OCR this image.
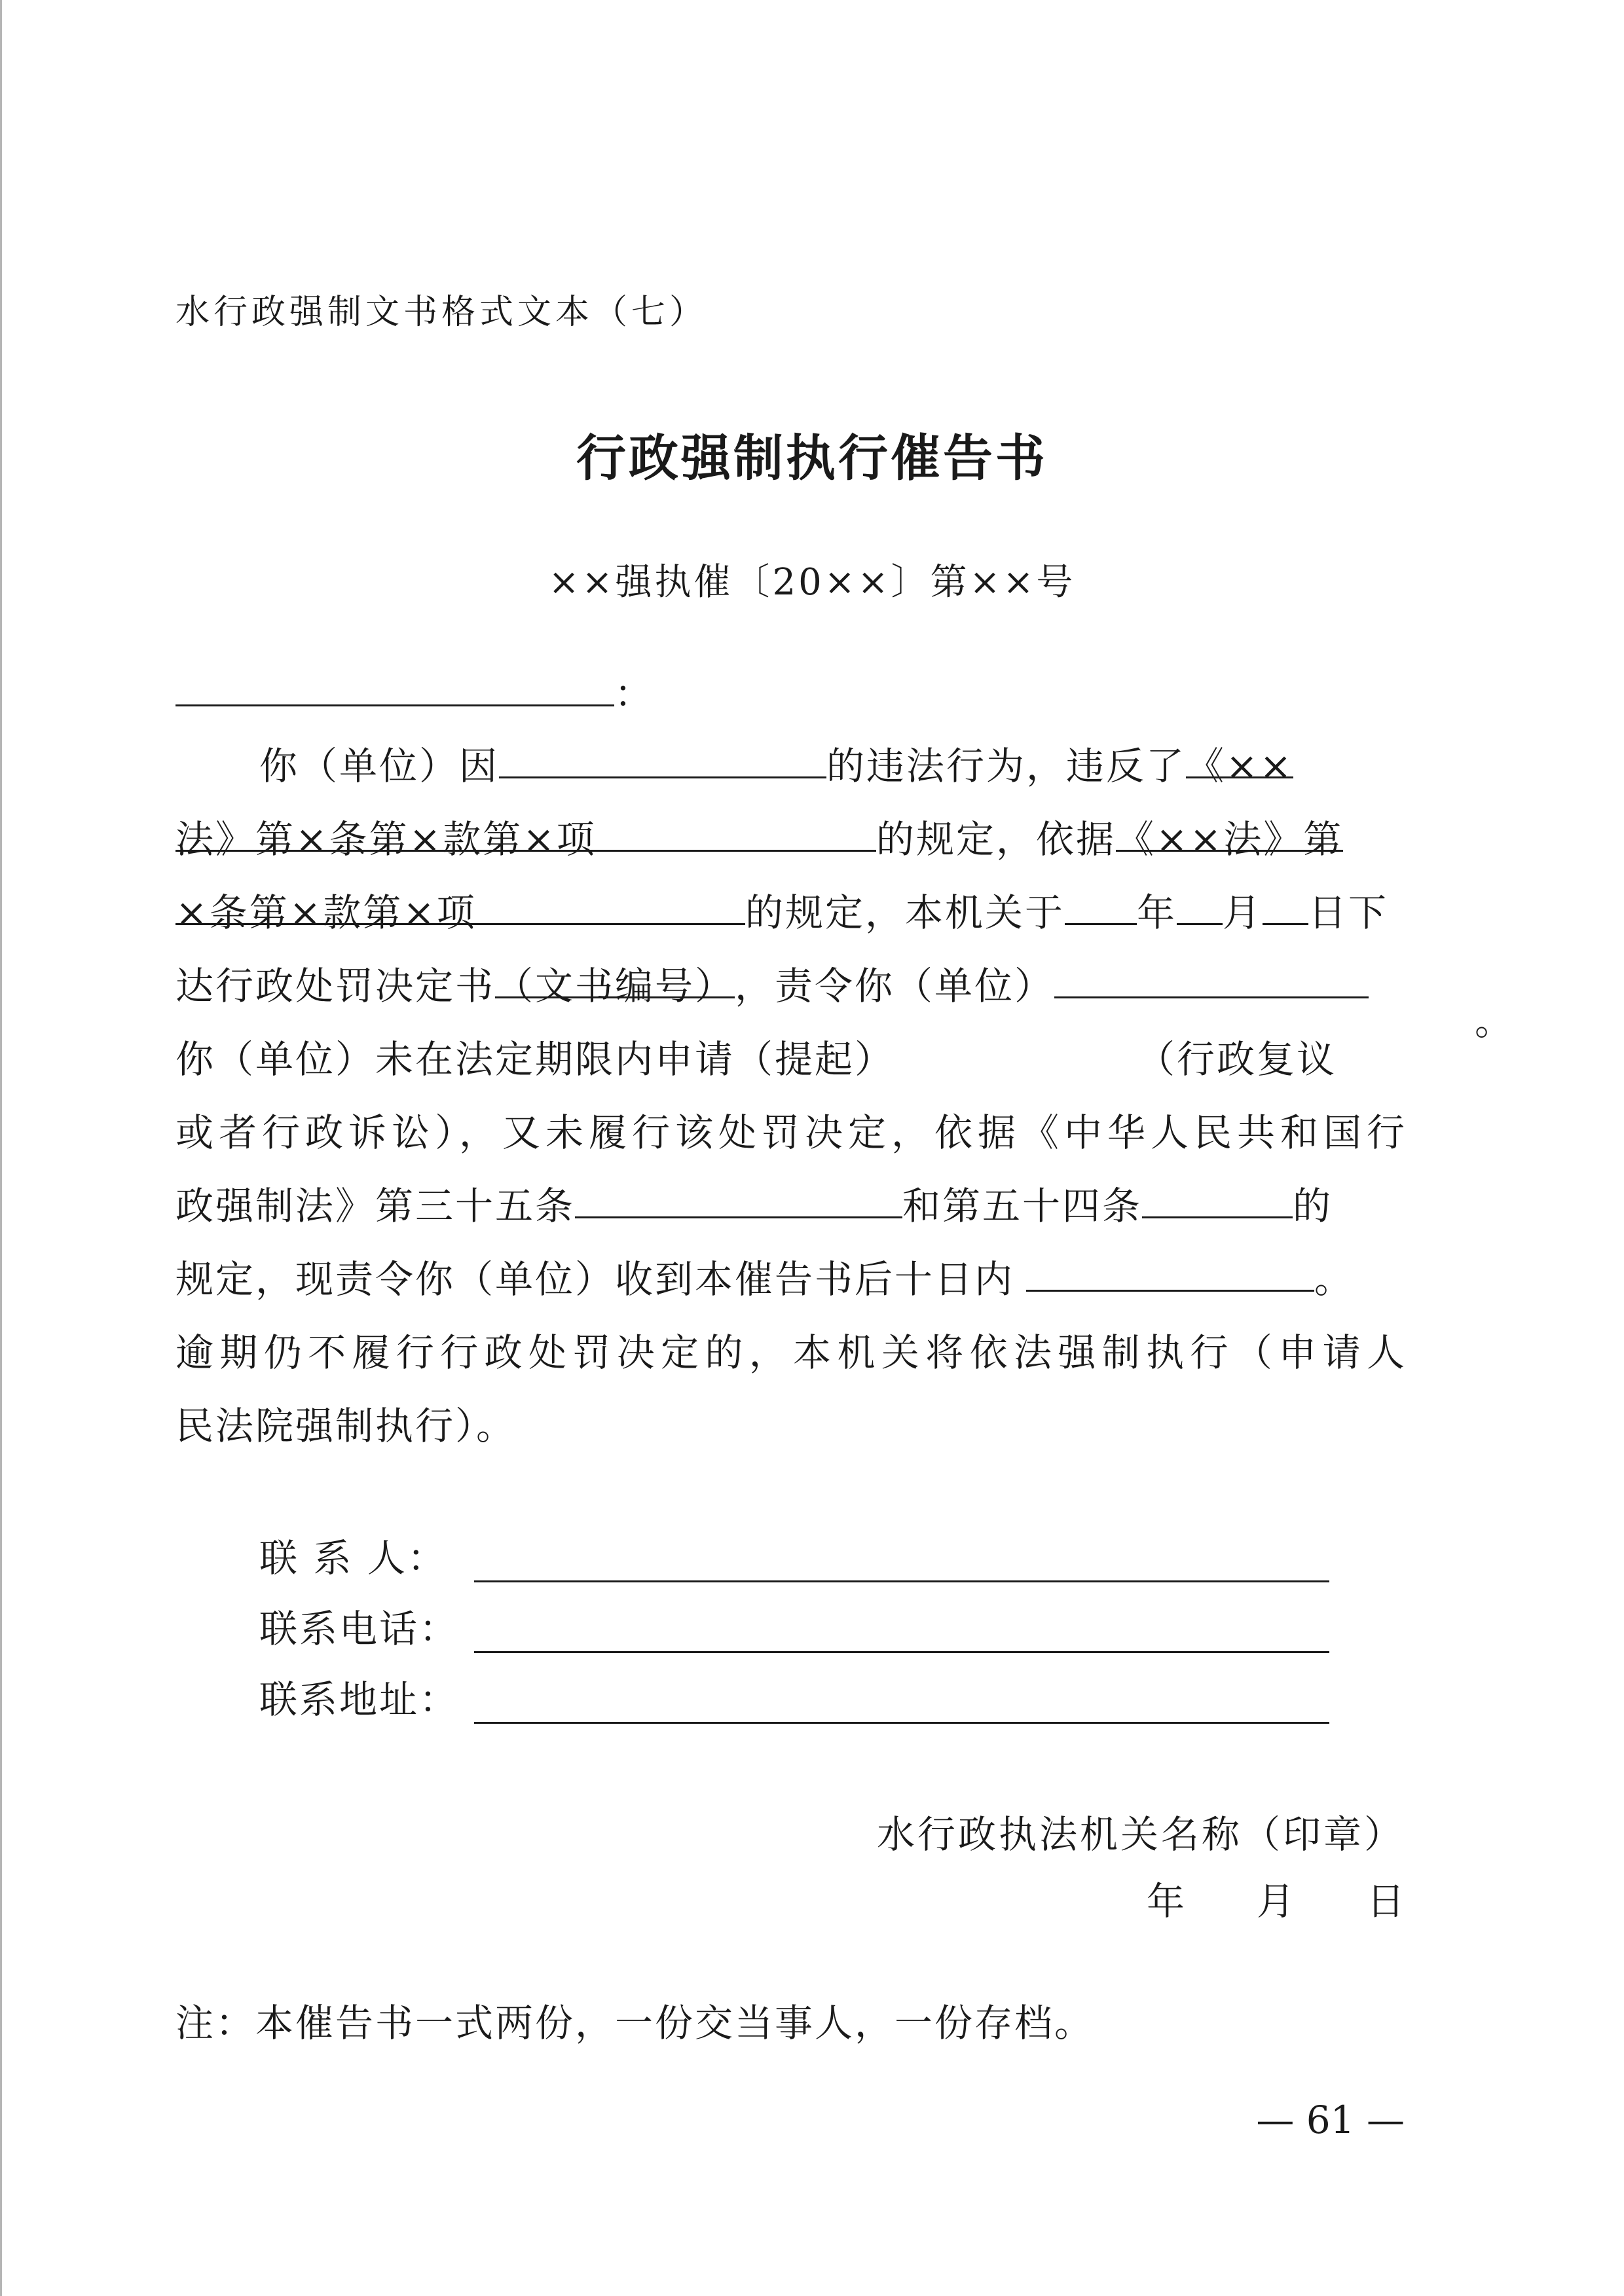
水行政强制文书格式文本（七）
行政强制执行催告书
××强执催〔20××〕第××号
：
你（单位）因	的违法行为，违反了《××
法》第×条第×款第×项	的规定，依据《××法》第
×条第×款第×项	的规定，本机关于 年 月 日下
达行政处罚决定书（文书编号），责令你（单位）
。
你（单位）未在法定期限内申请（提起）	（行政复议
或者行政诉讼），又未履行该处罚决定，依据《中华人民共和国行
政强制法》第三十五条	和第五十四条	的
规定，现责令你（单位）收到本催告书后十日内	。
逾期仍不履行行政处罚决定的，本机关将依法强制执行（申请人
民法院强制执行）。
联 系 人：
联系电话：
联系地址：
水行政执法机关名称（印章）
年 月 日
注：本催告书一式两份，一份交当事人，一份存档。
— 61 —
